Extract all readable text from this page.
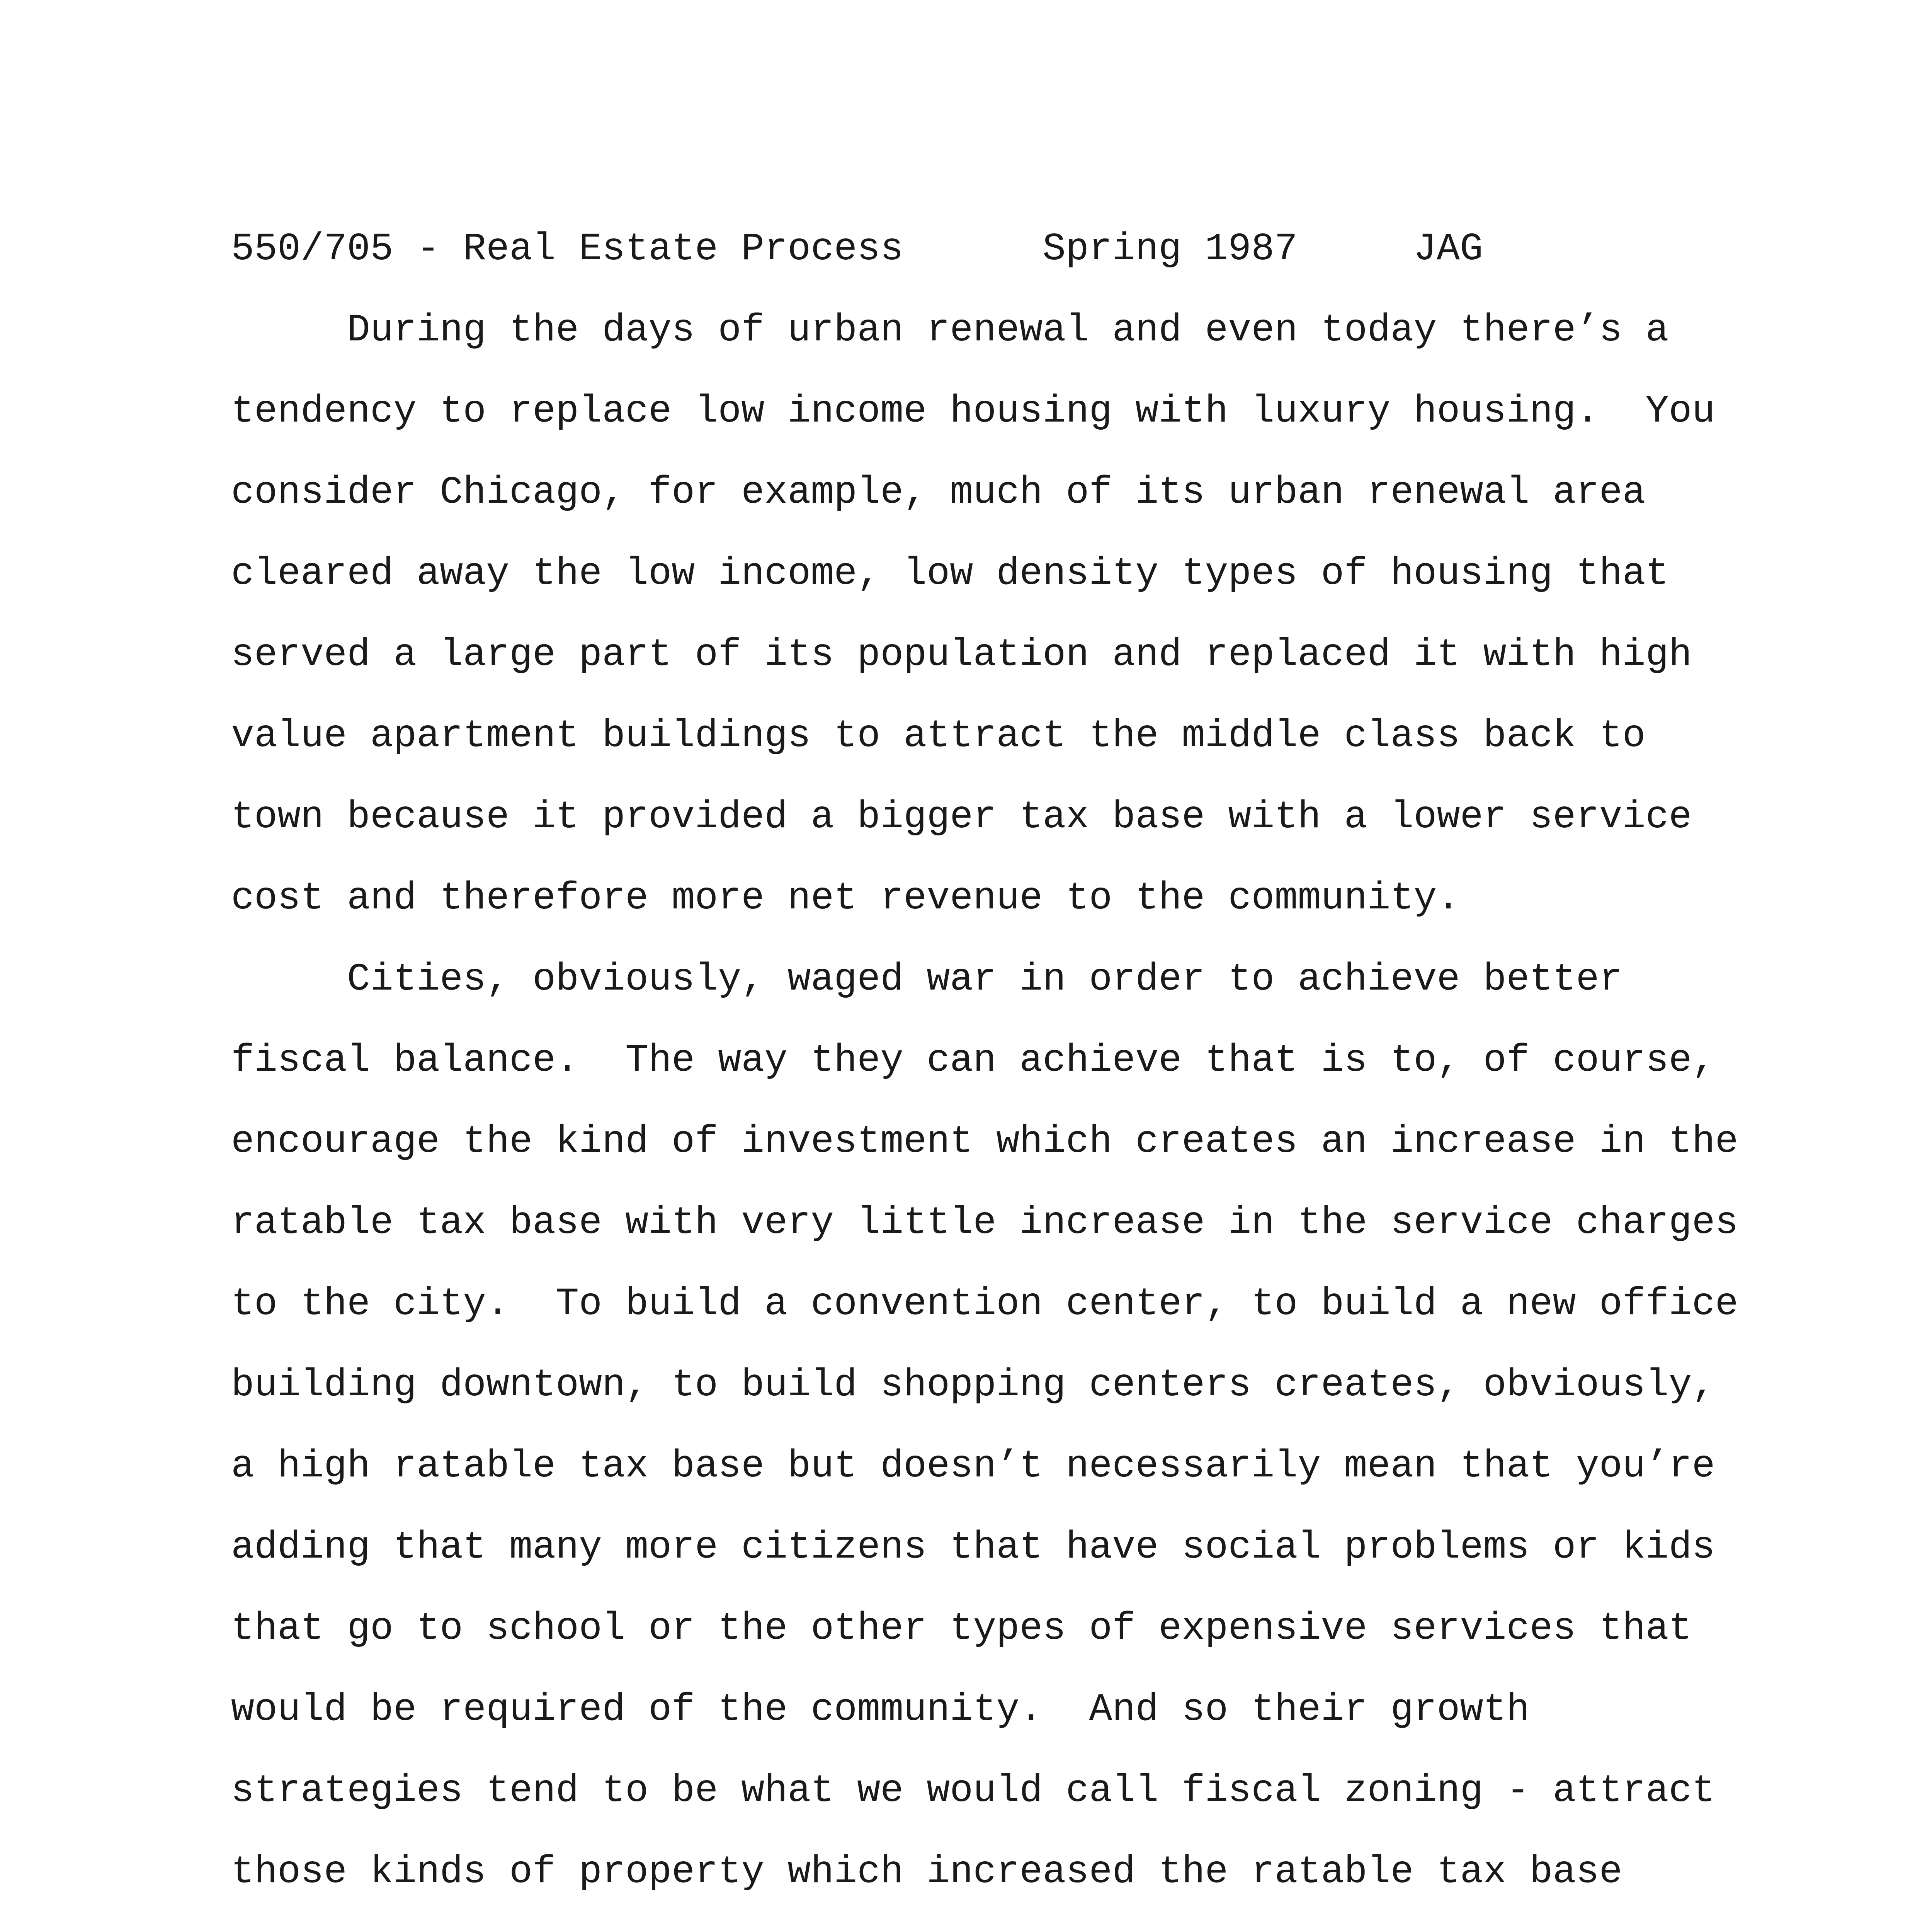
550/705 - Real Estate Process	Spring 1987	JAG
During the days of urban renewal and even today there’s a
tendency to replace low income housing with luxury housing.  You
consider Chicago, for example, much of its urban renewal area
cleared away the low income, low density types of housing that
served a large part of its population and replaced it with high
value apartment buildings to attract the middle class back to
town because it provided a bigger tax base with a lower service
cost and therefore more net revenue to the community.
Cities, obviously, waged war in order to achieve better
fiscal balance.  The way they can achieve that is to, of course,
encourage the kind of investment which creates an increase in the
ratable tax base with very little increase in the service charges
to the city.  To build a convention center, to build a new office
building downtown, to build shopping centers creates, obviously,
a high ratable tax base but doesn’t necessarily mean that you’re
adding that many more citizens that have social problems or kids
that go to school or the other types of expensive services that
would be required of the community.  And so their growth
strategies tend to be what we would call fiscal zoning - attract
those kinds of property which increased the ratable tax base
